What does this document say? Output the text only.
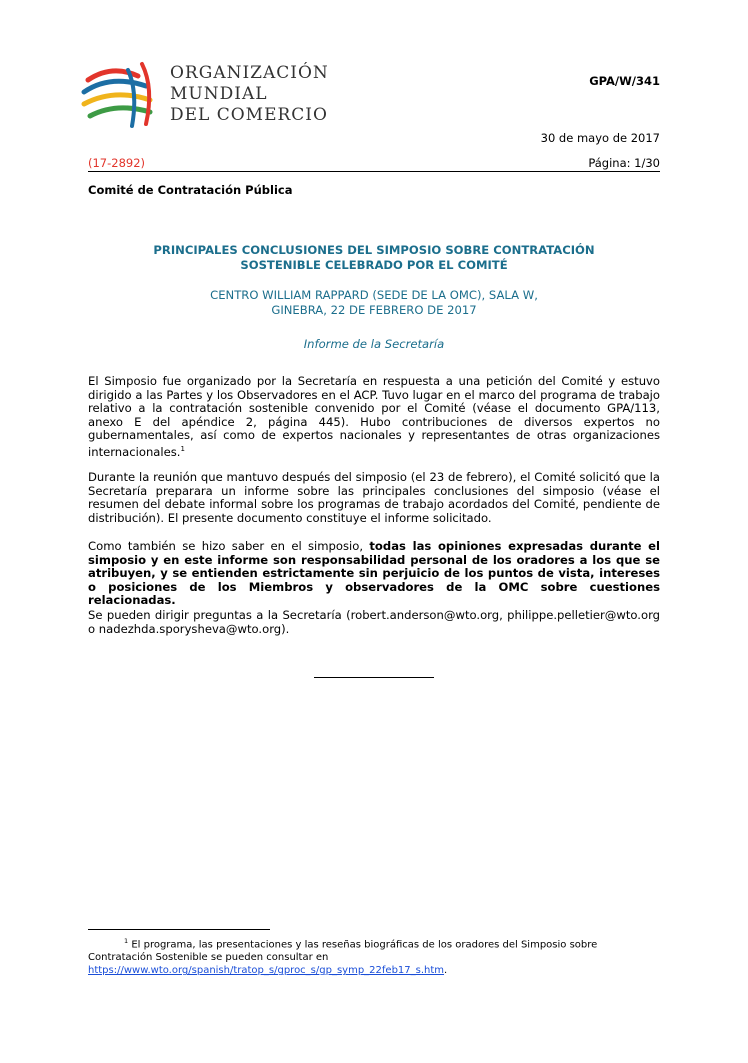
ORGANIZACIÓN
MUNDIAL
DEL COMERCIO
GPA/W/341
30 de mayo de 2017
(17-2892)	Página: 1/30
Comité de Contratación Pública
PRINCIPALES CONCLUSIONES DEL SIMPOSIO SOBRE CONTRATACIÓN
SOSTENIBLE CELEBRADO POR EL COMITÉ
CENTRO WILLIAM RAPPARD (SEDE DE LA OMC), SALA W,
GINEBRA, 22 DE FEBRERO DE 2017
Informe de la Secretaría
El Simposio fue organizado por la Secretaría en respuesta a una petición del Comité y estuvo dirigido a las Partes y los Observadores en el ACP. Tuvo lugar en el marco del programa de trabajo relativo a la contratación sostenible convenido por el Comité (véase el documento GPA/113, anexo E del apéndice 2, página 445). Hubo contribuciones de diversos expertos no gubernamentales, así como de expertos nacionales y representantes de otras organizaciones internacionales.$^1$
Durante la reunión que mantuvo después del simposio (el 23 de febrero), el Comité solicitó que la Secretaría preparara un informe sobre las principales conclusiones del simposio (véase el resumen del debate informal sobre los programas de trabajo acordados del Comité, pendiente de distribución). El presente documento constituye el informe solicitado.
Como también se hizo saber en el simposio, todas las opiniones expresadas durante el simposio y en este informe son responsabilidad personal de los oradores a los que se atribuyen, y se entienden estrictamente sin perjuicio de los puntos de vista, intereses o posiciones de los Miembros y observadores de la OMC sobre cuestiones relacionadas.
Se pueden dirigir preguntas a la Secretaría (robert.anderson@wto.org, philippe.pelletier@wto.org o nadezhda.sporysheva@wto.org).
$^1$ El programa, las presentaciones y las reseñas biográficas de los oradores del Simposio sobre Contratación Sostenible se pueden consultar en
https://www.wto.org/spanish/tratop_s/gproc_s/gp_symp_22feb17_s.htm.
